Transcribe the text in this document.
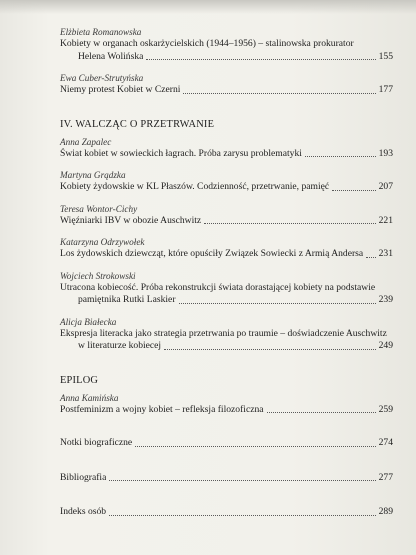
Elżbieta Romanowska
Kobiety w organach oskarżycielskich (1944–1956) – stalinowska prokurator
Helena Wolińska	155
Ewa Cuber-Strutyńska
Niemy protest Kobiet w Czerni	177
IV. WALCZĄC O PRZETRWANIE
Anna Zapalec
Świat kobiet w sowieckich łagrach. Próba zarysu problematyki	193
Martyna Grądzka
Kobiety żydowskie w KL Płaszów. Codzienność, przetrwanie, pamięć	207
Teresa Wontor-Cichy
Więźniarki IBV w obozie Auschwitz	221
Katarzyna Odrzywołek
Los żydowskich dziewcząt, które opuściły Związek Sowiecki z Armią Andersa 231
Wojciech Strokowski
Utracona kobiecość. Próba rekonstrukcji świata dorastającej kobiety na podstawie
pamiętnika Rutki Laskier	239
Alicja Białecka
Ekspresja literacka jako strategia przetrwania po traumie – doświadczenie Auschwitz
w literaturze kobiecej	249
EPILOG
Anna Kamińska
Postfeminizm a wojny kobiet – refleksja filozoficzna	259
Notki biograficzne	274
Bibliografia	277
Indeks osób	289
